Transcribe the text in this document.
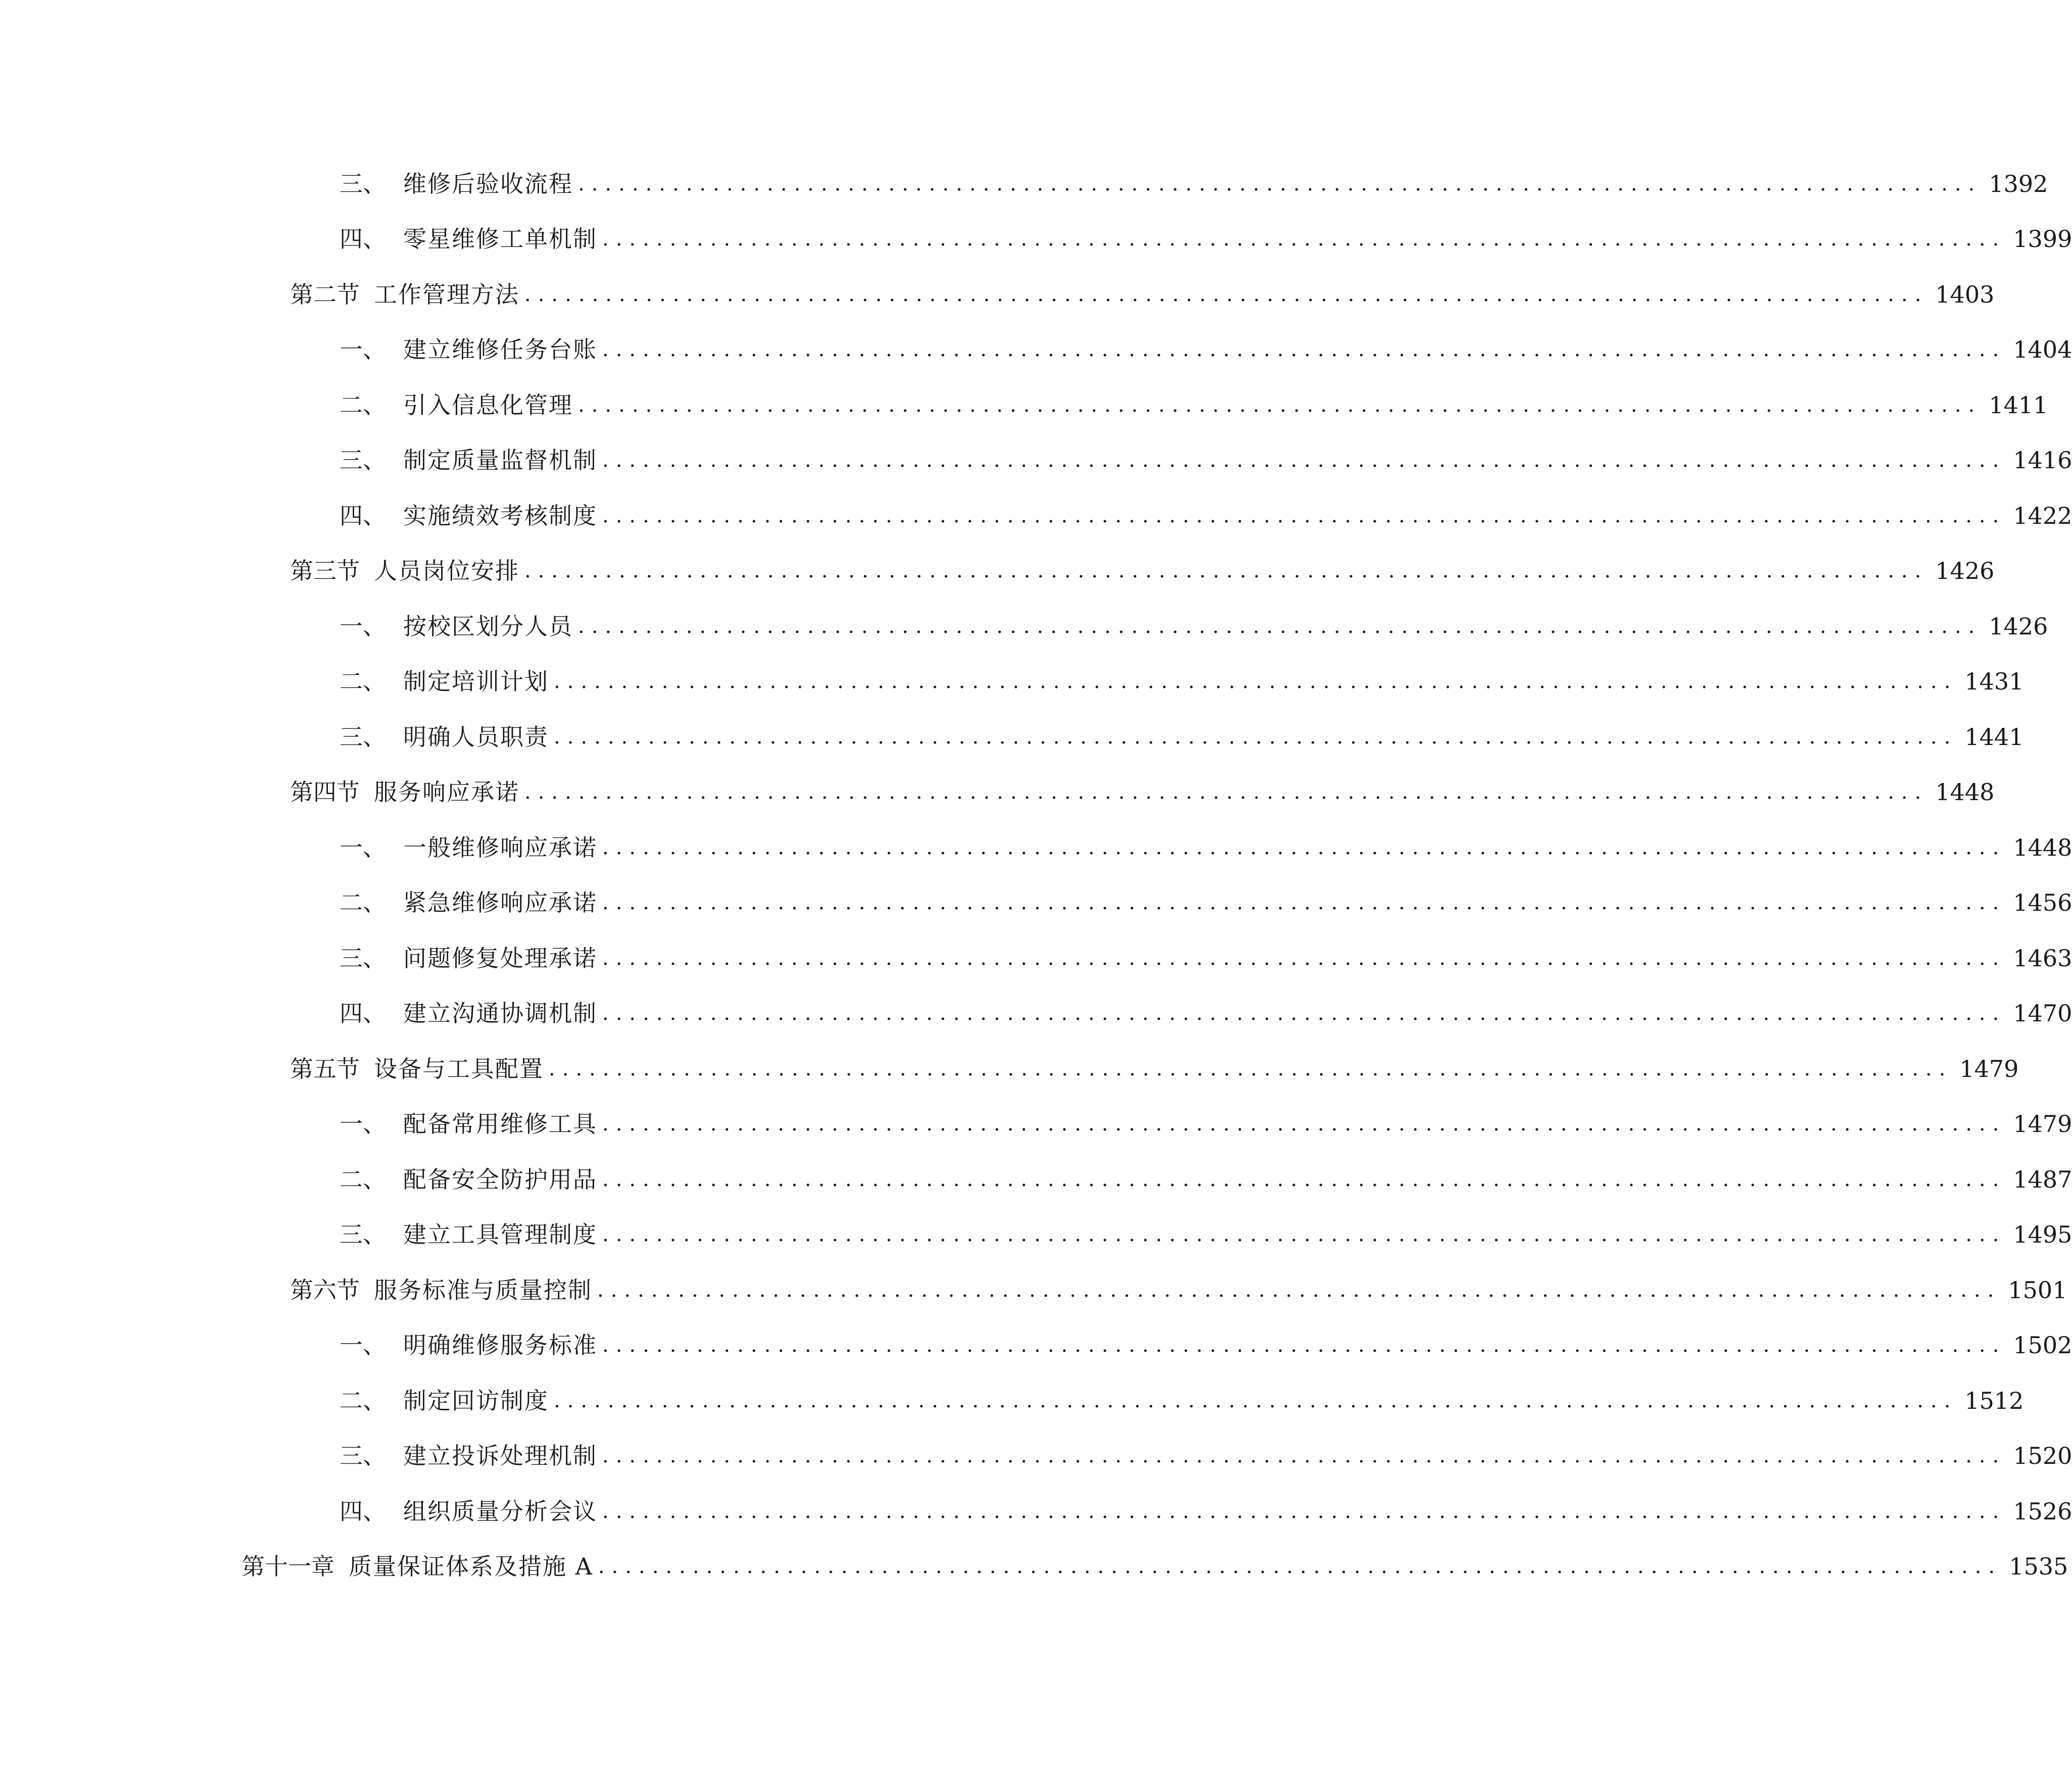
三、 维修后验收流程 ........................................................................................................ 1392
四、 零星维修工单机制 ........................................................................................................ 1399
第二节 工作管理方法 ........................................................................................................ 1403
一、 建立维修任务台账 ........................................................................................................ 1404
二、 引入信息化管理 ........................................................................................................ 1411
三、 制定质量监督机制 ........................................................................................................ 1416
四、 实施绩效考核制度 ........................................................................................................ 1422
第三节 人员岗位安排 ........................................................................................................ 1426
一、 按校区划分人员 ........................................................................................................ 1426
二、 制定培训计划 ........................................................................................................ 1431
三、 明确人员职责 ........................................................................................................ 1441
第四节 服务响应承诺 ........................................................................................................ 1448
一、 一般维修响应承诺 ........................................................................................................ 1448
二、 紧急维修响应承诺 ........................................................................................................ 1456
三、 问题修复处理承诺 ........................................................................................................ 1463
四、 建立沟通协调机制 ........................................................................................................ 1470
第五节 设备与工具配置 ........................................................................................................ 1479
一、 配备常用维修工具 ........................................................................................................ 1479
二、 配备安全防护用品 ........................................................................................................ 1487
三、 建立工具管理制度 ........................................................................................................ 1495
第六节 服务标准与质量控制 ........................................................................................................ 1501
一、 明确维修服务标准 ........................................................................................................ 1502
二、 制定回访制度 ........................................................................................................ 1512
三、 建立投诉处理机制 ........................................................................................................ 1520
四、 组织质量分析会议 ........................................................................................................ 1526
第十一章 质量保证体系及措施 A ........................................................................................................ 1535
